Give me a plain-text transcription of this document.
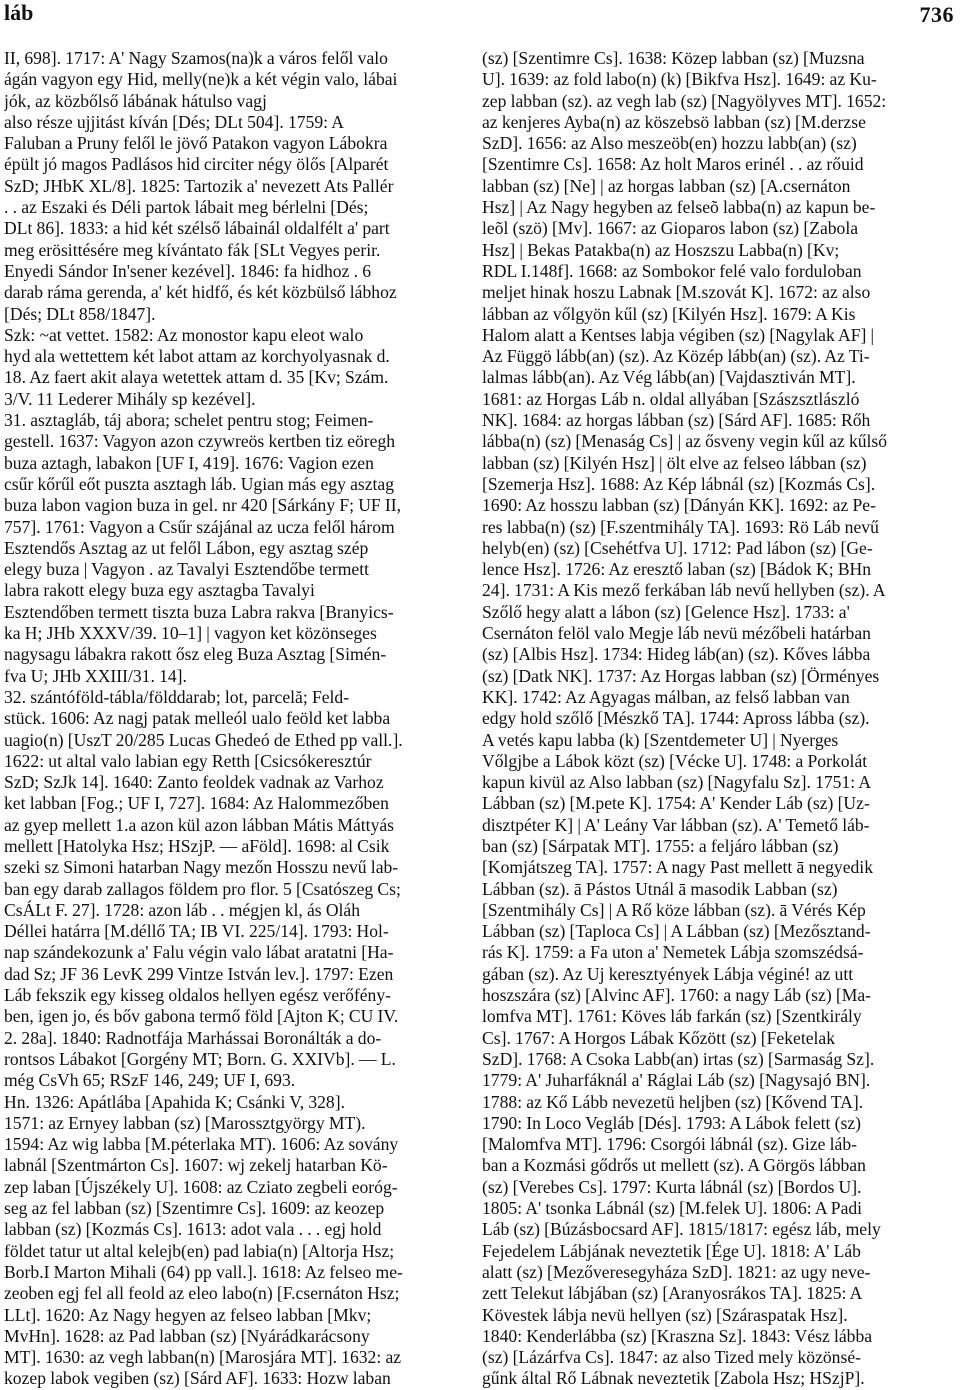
láb	736
II, 698]. 1717: A' Nagy Szamos(na)k a város felől valo
ágán vagyon egy Hid, melly(ne)k a két végin valo, lábai
jók, az közbőlső lábának hátulso vagj
also része ujjitást kíván [Dés; DLt 504]. 1759: A
Faluban a Pruny felől le jövő Patakon vagyon Lábokra
épült jó magos Padlásos hid circiter négy ölős [Alparét
SzD; JHbK XL/8]. 1825: Tartozik a' nevezett Ats Pallér
. . az Eszaki és Déli partok lábait meg bérlelni [Dés;
DLt 86]. 1833: a hid két szélső lábainál oldalfélt a' part
meg erösittésére meg kívántato fák [SLt Vegyes perir.
Enyedi Sándor In'sener kezével]. 1846: fa hidhoz . 6
darab ráma gerenda, a' két hidfő, és két közbülső lábhoz
[Dés; DLt 858/1847].
Szk: ~at vettet. 1582: Az monostor kapu eleot walo
hyd ala wettettem két labot attam az korchyolyasnak d.
18. Az faert akit alaya wetettek attam d. 35 [Kv; Szám.
3/V. 11 Lederer Mihály sp kezével].
31. asztagláb, táj abora; schelet pentru stog; Feimen-
gestell. 1637: Vagyon azon czywreös kertben tiz eöregh
buza aztagh, labakon [UF I, 419]. 1676: Vagion ezen
csűr kőrűl eőt puszta asztagh láb. Ugian más egy asztag
buza labon vagion buza in gel. nr 420 [Sárkány F; UF II,
757]. 1761: Vagyon a Csűr szájánal az ucza felől három
Esztendős Asztag az ut felől Lábon, egy asztag szép
elegy buza | Vagyon . az Tavalyi Esztendőbe termett
labra rakott elegy buza egy asztagba Tavalyi
Esztendőben termett tiszta buza Labra rakva [Branyics-
ka H; JHb XXXV/39. 10–1] | vagyon ket közönseges
nagysagu lábakra rakott ősz eleg Buza Asztag [Simén-
fva U; JHb XXIII/31. 14].
32. szántóföld-tábla/földdarab; lot, parcelă; Feld-
stück. 1606: Az nagj patak melleól ualo feöld ket labba
uagio(n) [UszT 20/285 Lucas Ghedeó de Ethed pp vall.].
1622: ut altal valo labian egy Retth [Csicsókeresztúr
SzD; SzJk 14]. 1640: Zanto feoldek vadnak az Varhoz
ket labban [Fog.; UF I, 727]. 1684: Az Halommezőben
az gyep mellett 1.a azon kül azon lábban Mátis Máttyás
mellett [Hatolyka Hsz; HSzjP. — aFöld]. 1698: al Csik
szeki sz Simoni hatarban Nagy mezőn Hosszu nevű lab-
ban egy darab zallagos földem pro flor. 5 [Csatószeg Cs;
CsÁLt F. 27]. 1728: azon láb . . mégjen kl, ás Oláh
Déllei határra [M.déllő TA; IB VI. 225/14]. 1793: Hol-
nap szándekozunk a' Falu végin valo lábat aratatni [Ha-
dad Sz; JF 36 LevK 299 Vintze István lev.]. 1797: Ezen
Láb fekszik egy kisseg oldalos hellyen egész verőfény-
ben, igen jo, és bőv gabona termő föld [Ajton K; CU IV.
2. 28a]. 1840: Radnotfája Marhássai Boronálták a do-
rontsos Lábakot [Gorgény MT; Born. G. XXIVb]. — L.
még CsVh 65; RSzF 146, 249; UF I, 693.
Hn. 1326: Apátlába [Apahida K; Csánki V, 328].
1571: az Ernyey labban (sz) [Marossztgyörgy MT).
1594: Az wig labba [M.péterlaka MT). 1606: Az sovány
labnál [Szentmárton Cs]. 1607: wj zekelj hatarban Kö-
zep laban [Újszékely U]. 1608: az Cziato zegbeli eoróg-
seg az fel labban (sz) [Szentimre Cs]. 1609: az keozep
labban (sz) [Kozmás Cs]. 1613: adot vala . . . egj hold
földet tatur ut altal kelejb(en) pad labia(n) [Altorja Hsz;
Borb.I Marton Mihali (64) pp vall.]. 1618: Az felseo me-
zeoben egj fel all feold az eleo labo(n) [F.csernáton Hsz;
LLt]. 1620: Az Nagy hegyen az felseo labban [Mkv;
MvHn]. 1628: az Pad labban (sz) [Nyárádkarácsony
MT]. 1630: az vegh labban(n) [Marosjára MT]. 1632: az
kozep labok vegiben (sz) [Sárd AF]. 1633: Hozw laban
(sz) [Szentimre Cs]. 1638: Közep labban (sz) [Muzsna
U]. 1639: az fold labo(n) (k) [Bikfva Hsz]. 1649: az Ku-
zep labban (sz). az vegh lab (sz) [Nagyölyves MT]. 1652:
az kenjeres Ayba(n) az köszebsö labban (sz) [M.derzse
SzD]. 1656: az Also meszeöb(en) hozzu labb(an) (sz)
[Szentimre Cs]. 1658: Az holt Maros erinél . . az rőuid
labban (sz) [Ne] | az horgas labban (sz) [A.csernáton
Hsz] | Az Nagy hegyben az felseõ labba(n) az kapun be-
leõl (szö) [Mv]. 1667: az Gioparos labon (sz) [Zabola
Hsz] | Bekas Patakba(n) az Hoszszu Labba(n) [Kv;
RDL I.148f]. 1668: az Sombokor felé valo forduloban
meljet hinak hoszu Labnak [M.szovát K]. 1672: az also
lábban az vőlgyön kűl (sz) [Kilyén Hsz]. 1679: A Kis
Halom alatt a Kentses labja végiben (sz) [Nagylak AF] |
Az Függö lább(an) (sz). Az Közép lább(an) (sz). Az Ti-
lalmas lább(an). Az Vég lább(an) [Vajdasztiván MT].
1681: az Horgas Láb n. oldal allyában [Szászsztlászló
NK]. 1684: az horgas lábban (sz) [Sárd AF]. 1685: Rőh
lábba(n) (sz) [Menaság Cs] | az ősveny vegin kűl az kűlső
labban (sz) [Kilyén Hsz] | ölt elve az felseo lábban (sz)
[Szemerja Hsz]. 1688: Az Kép lábnál (sz) [Kozmás Cs].
1690: Az hosszu labban (sz) [Dányán KK]. 1692: az Pe-
res labba(n) (sz) [F.szentmihály TA]. 1693: Rö Láb nevű
helyb(en) (sz) [Csehétfva U]. 1712: Pad lábon (sz) [Ge-
lence Hsz]. 1726: Az eresztő laban (sz) [Bádok K; BHn
24]. 1731: A Kis mező ferkában láb nevű hellyben (sz). A
Szőlő hegy alatt a lábon (sz) [Gelence Hsz]. 1733: a'
Csernáton felöl valo Megje láb nevü mézőbeli határban
(sz) [Albis Hsz]. 1734: Hideg láb(an) (sz). Kőves lábba
(sz) [Datk NK]. 1737: Az Horgas labban (sz) [Örményes
KK]. 1742: Az Agyagas málban, az felső labban van
edgy hold szőlő [Mészkő TA]. 1744: Apross lábba (sz).
A vetés kapu labba (k) [Szentdemeter U] | Nyerges
Vőlgjbe a Lábok közt (sz) [Vécke U]. 1748: a Porkolát
kapun kivül az Also labban (sz) [Nagyfalu Sz]. 1751: A
Lábban (sz) [M.pete K]. 1754: A' Kender Láb (sz) [Uz-
disztpéter K] | A' Leány Var lábban (sz). A' Temető láb-
ban (sz) [Sárpatak MT]. 1755: a feljáro lábban (sz)
[Komjátszeg TA]. 1757: A nagy Past mellett ā negyedik
Lábban (sz). ā Pástos Utnál ā masodik Labban (sz)
[Szentmihály Cs] | A Rő köze lábban (sz). ā Vérés Kép
Lábban (sz) [Taploca Cs] | A Lábban (sz) [Mezősztand-
rás K]. 1759: a Fa uton a' Nemetek Lábja szomszédsá-
gában (sz). Az Uj keresztyények Lábja véginé! az utt
hoszszára (sz) [Alvinc AF]. 1760: a nagy Láb (sz) [Ma-
lomfva MT]. 1761: Köves láb farkán (sz) [Szentkirály
Cs]. 1767: A Horgos Lábak Kőzött (sz) [Feketelak
SzD]. 1768: A Csoka Labb(an) irtas (sz) [Sarmaság Sz].
1779: A' Juharfáknál a' Ráglai Láb (sz) [Nagysajó BN].
1788: az Kő Lább nevezetü heljben (sz) [Kővend TA].
1790: In Loco Vegláb [Dés]. 1793: A Lábok felett (sz)
[Malomfva MT]. 1796: Csorgói lábnál (sz). Gize láb-
ban a Kozmási gődrős ut mellett (sz). A Görgös lábban
(sz) [Verebes Cs]. 1797: Kurta lábnál (sz) [Bordos U].
1805: A' tsonka Lábnál (sz) [M.felek U]. 1806: A Padi
Láb (sz) [Búzásbocsard AF]. 1815/1817: egész láb, mely
Fejedelem Lábjának neveztetik [Ége U]. 1818: A' Láb
alatt (sz) [Mezőveresegyháza SzD]. 1821: az ugy neve-
zett Telekut lábjában (sz) [Aranyosrákos TA]. 1825: A
Kövestek lábja nevü hellyen (sz) [Száraspatak Hsz].
1840: Kenderlábba (sz) [Kraszna Sz]. 1843: Vész lábba
(sz) [Lázárfva Cs]. 1847: az also Tized mely közönsé-
gűnk által Rő Lábnak neveztetik [Zabola Hsz; HSzjP].
